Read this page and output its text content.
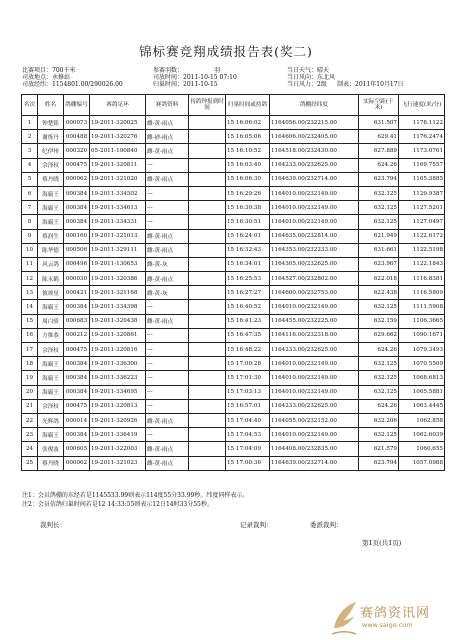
锦标赛竞翔成绩报告表(奖二)
比赛项目：700千米	参赛羽数：	羽	当日天气：晴天
司放地点：永修站	司放时间：2011-10-15 07:10	当日风向：东北风
司放经纬：1154801.00/290026.00	归巢时间：2011-10-15	当日风力：2级 制表：2011年10月17日
名次	姓名	鸽棚编号	赛鸽足环	赛鸽资料	持鸽钟报到时间	归巢时间或持鸽	鸽棚经纬度	实际空距(千米)	飞行速度(米/分)
1	钟楚铭	000073	19-2011-320025	雌-黄-雨点		15 16:06:02	1164056.00/232215.00	631.507	1178.1122
2	谢炼丹	000488	19-2011-320276	雌-砂-雨点		15 16:05:06	1164606.00/232405.00	629.41	1176.2474
3	纪伊州	000320	05-2011-190840	雌-黄-雨点		15 16:10:52	1164518.00/232430.00	627.889	1173.0761
4	佘泽权	000475	19-2011-320811	---		15 16:03:40	1164233.00/232625.00	624.26	1169.7557
5	蔡丹晓	000062	19-2011-321020	雌-黄-雨点		15 16:06:30	1164639.00/232714.00	623.794	1165.3885
6	海霸王	000384	19-2011-334502	---		15 16:29:26	1164010.00/232149.00	632.125	1129.9387
7	海霸王	000384	19-2011-334613	---		15 16:30:38	1164010.00/232149.00	632.125	1127.5201
8	海霸王	000384	19-2011-334331	---		15 16:30:51	1164010.00/232149.00	632.125	1127.0497
9	蔡润生	000160	19-2011-321013	雌-黄-雨点		15 16:24:01	1164635.00/232814.00	621.949	1122.6172
10	陈华德	000506	19-2011-329111	雌-黄-雨点		15 16:32:43	1164353.00/232233.00	631.661	1122.5198
11	风云鸽	000496	19-2011-130653	雌-黄-灰		15 16:34:01	1164305.00/232625.00	623.967	1122.1843
12	陈永鹤	000030	19-2011-320386	雌-黄-雨点		15 16:25:53	1164527.00/232802.00	622.018	1116.8381
13	彼竣星	000421	19-2011-321168	雌-黄-灰		15 16:27:27	1164600.00/232753.00	622.438	1116.5809
14	海霸王	000384	19-2011-334398	---		15 16:40:52	1164010.00/232149.00	632.125	1111.5908
15	周白骄	000683	19-2011-320438	雌-黄-雨点		15 16:41:23	1164455.00/232225.00	632.159	1106.3665
16	方推恭	000212	19-2011-320861	---		15 16:47:35	1164116.00/232318.00	629.662	1090.1671
17	佘泽权	000475	19-2011-320816	---		15 16:48:22	1164233.00/232625.00	624.26	1079.3493
18	海霸王	000384	19-2011-336300	---		15 17:00:28	1164010.00/232149.00	632.125	1070.5509
19	海霸王	000384	19-2011-336223	---		15 17:01:30	1164010.00/232149.00	632.125	1068.6813
20	海霸王	000384	19-2011-334695	---		15 17:03:13	1164010.00/232149.00	632.125	1065.5881
21	佘泽权	000475	19-2011-320813	---		15 16:57:01	1164233.00/232625.00	624.26	1063.4445
22	光辉鸽	000014	19-2011-320926	雌-黄-雨点		15 17:04:49	1164055.00/232152.00	632.206	1062.858
23	海霸王	000384	19-2011-336419	---		15 17:04:53	1164010.00/232149.00	632.125	1062.6039
24	张俊波	000605	19-2011-322003	雌-黄-雨点		15 17:04:09	1164408.00/232835.00	621.579	1060.655
25	蔡丹晓	000062	19-2011-321023	雌-黄-雨点		15 17:00:36	1164639.00/232714.00	623.794	1057.0988
注1：会员鸽棚的东经若是1145533.99则表示114度55分33.99秒。纬度同样表示。
注2：会员信鸽归巢时间若是12 14:33:55则表示12日14时33分55秒。
裁判长：	记录裁判：	委派裁判：
第1页(共1页)
赛鸽资讯网
www.saige.com
